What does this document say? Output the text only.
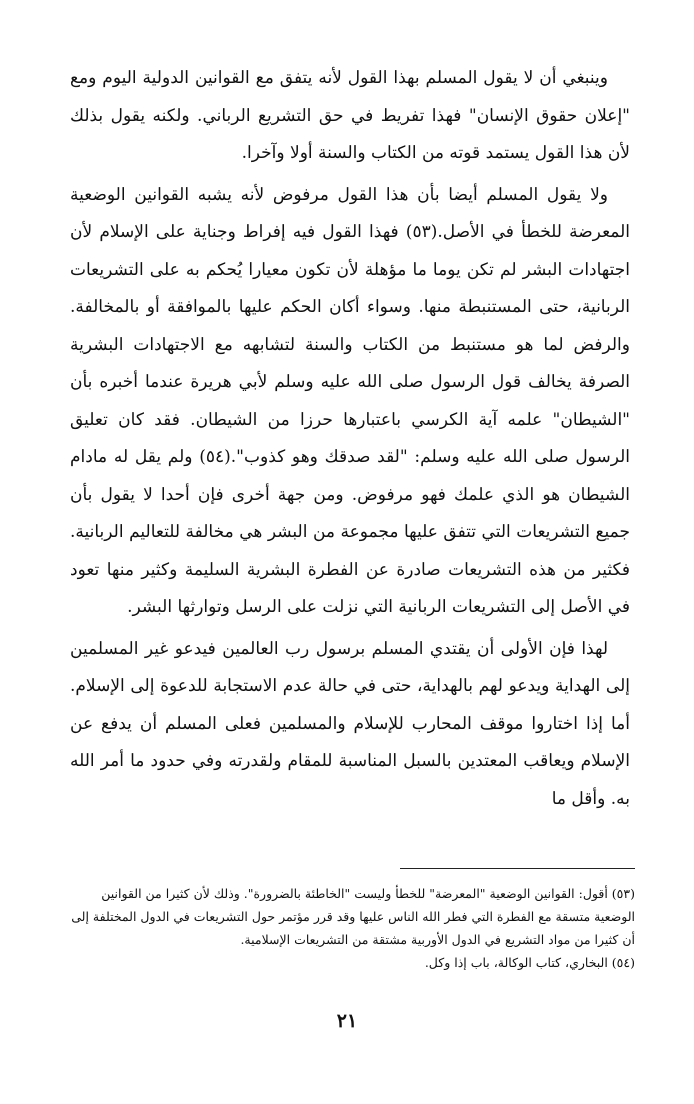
وينبغي أن لا يقول المسلم بهذا القول لأنه يتفق مع القوانين الدولية اليوم ومع "إعلان حقوق الإنسان" فهذا تفريط في حق التشريع الرباني. ولكنه يقول بذلك لأن هذا القول يستمد قوته من الكتاب والسنة أولا وآخرا.

ولا يقول المسلم أيضا بأن هذا القول مرفوض لأنه يشبه القوانين الوضعية المعرضة للخطأ في الأصل.(٥٣) فهذا القول فيه إفراط وجناية على الإسلام لأن اجتهادات البشر لم تكن يوما ما مؤهلة لأن تكون معيارا يُحكم به على التشريعات الربانية، حتى المستنبطة منها. وسواء أكان الحكم عليها بالموافقة أو بالمخالفة. والرفض لما هو مستنبط من الكتاب والسنة لتشابهه مع الاجتهادات البشرية الصرفة يخالف قول الرسول صلى الله عليه وسلم لأبي هريرة عندما أخبره بأن "الشيطان" علمه آية الكرسي باعتبارها حرزا من الشيطان. فقد كان تعليق الرسول صلى الله عليه وسلم: "لقد صدقك وهو كذوب".(٥٤) ولم يقل له مادام الشيطان هو الذي علمك فهو مرفوض. ومن جهة أخرى فإن أحدا لا يقول بأن جميع التشريعات التي تتفق عليها مجموعة من البشر هي مخالفة للتعاليم الربانية. فكثير من هذه التشريعات صادرة عن الفطرة البشرية السليمة وكثير منها تعود في الأصل إلى التشريعات الربانية التي نزلت على الرسل وتوارثها البشر.

لهذا فإن الأولى أن يقتدي المسلم برسول رب العالمين فيدعو غير المسلمين إلى الهداية ويدعو لهم بالهداية، حتى في حالة عدم الاستجابة للدعوة إلى الإسلام. أما إذا اختاروا موقف المحارب للإسلام والمسلمين فعلى المسلم أن يدفع عن الإسلام ويعاقب المعتدين بالسبل المناسبة للمقام ولقدرته وفي حدود ما أمر الله به. وأقل ما

(٥٣) أقول: القوانين الوضعية "المعرضة" للخطأ وليست "الخاطئة بالضرورة". وذلك لأن كثيرا من القوانين الوضعية متسقة مع الفطرة التي فطر الله الناس عليها وقد قرر مؤتمر حول التشريعات في الدول المختلفة إلى أن كثيرا من مواد التشريع في الدول الأوربية مشتقة من التشريعات الإسلامية.

(٥٤) البخاري، كتاب الوكالة، باب إذا وكل.

٢١
